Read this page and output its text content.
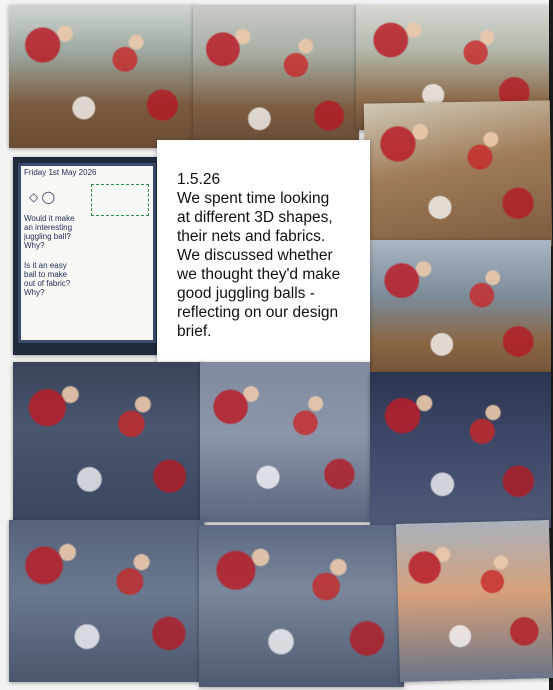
Friday 1st May 2026
◇ ◯
Would it make
an interesting
juggling ball?
Why?
Is it an easy
ball to make
out of fabric?
Why?

1.5.26

We spent time looking
at different 3D shapes,
their nets and fabrics.
We discussed whether
we thought they'd make
good juggling balls -
reflecting on our design
brief.
